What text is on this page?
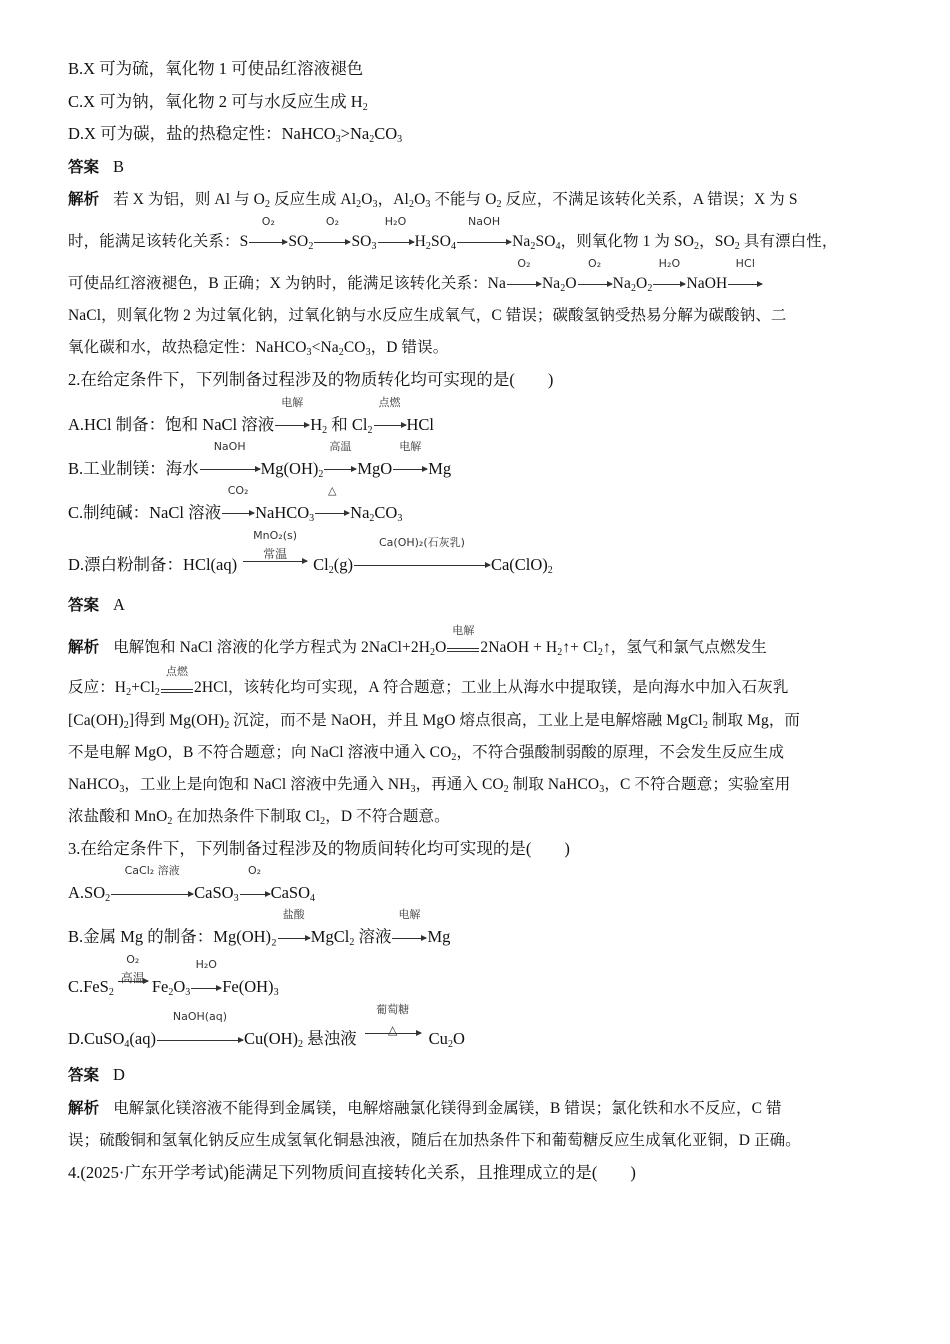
B.X 可为硫，氧化物 1 可使品红溶液褪色
C.X 可为钠，氧化物 2 可与水反应生成 $H_2$
D.X 可为碳，盐的热稳定性：$NaHCO_3>Na_2CO_3$
答案 B
解析 若 X 为铝，则 Al 与 $O_2$ 反应生成 $Al_2O_3$，$Al_2O_3$ 不能与 $O_2$ 反应，不满足该转化关系，A 错误；X 为 S
时，能满足该转化关系：S
O₂
$SO_2$
O₂
$SO_3$
H₂O
$H_2SO_4$
NaOH
$Na_2SO_4$，则氧化物 1 为 $SO_2$，$SO_2$ 具有漂白性，
可使品红溶液褪色，B 正确；X 为钠时，能满足该转化关系：Na
O₂
$Na_2O$
O₂
$Na_2O_2$
H₂O
NaOH
HCl
NaCl，则氧化物 2 为过氧化钠，过氧化钠与水反应生成氧气，C 错误；碳酸氢钠受热易分解为碳酸钠、二
氧化碳和水，故热稳定性：$NaHCO_3<Na_2CO_3$，D 错误。
2.在给定条件下，下列制备过程涉及的物质转化均可实现的是(　　)
A.HCl 制备：饱和 NaCl 溶液
电解
$H_2$ 和 $Cl_2$
点燃
HCl
B.工业制镁：海水
NaOH
$Mg(OH)_2$
高温
MgO
电解
Mg
C.制纯碱：NaCl 溶液
CO₂
NaHCO$_3$
△
$Na_2CO_3$
D.漂白粉制备：HCl(aq)
MnO₂(s)
常温
$Cl_2(g)$
Ca(OH)₂(石灰乳)
$Ca(ClO)_2$
答案 A
解析 电解饱和 NaCl 溶液的化学方程式为 $2NaCl+2H_2O$
电解
2NaOH + $H_2↑+$ $Cl_2↑$，氢气和氯气点燃发生
反应：$H_2+Cl_2$
点燃
2HCl，该转化均可实现，A 符合题意；工业上从海水中提取镁，是向海水中加入石灰乳
$[Ca(OH)_2]$得到 $Mg(OH)_2$ 沉淀，而不是 NaOH，并且 MgO 熔点很高，工业上是电解熔融 MgCl$_2$ 制取 Mg，而
不是电解 MgO，B 不符合题意；向 NaCl 溶液中通入 $CO_2$，不符合强酸制弱酸的原理，不会发生反应生成
NaHCO$_3$，工业上是向饱和 NaCl 溶液中先通入 $NH_3$，再通入 $CO_2$ 制取 NaHCO$_3$，C 不符合题意；实验室用
浓盐酸和 MnO$_2$ 在加热条件下制取 $Cl_2$，D 不符合题意。
3.在给定条件下，下列制备过程涉及的物质间转化均可实现的是(　　)
$A.SO_2$
CaCl₂ 溶液
CaSO$_3$
O₂
CaSO$_4$
B.金属 Mg 的制备：Mg(OH)₂
盐酸
MgCl$_2$ 溶液
电解
Mg
C.FeS$_2$
O₂
高温 $Fe_2O_3$
H₂O
$Fe(OH)_3$
D.CuSO$_4$(aq)
NaOH(aq)
$Cu(OH)_2$ 悬浊液
葡萄糖
△	$Cu_2O$
答案 D
解析 电解氯化镁溶液不能得到金属镁，电解熔融氯化镁得到金属镁，B 错误；氯化铁和水不反应，C 错
误；硫酸铜和氢氧化钠反应生成氢氧化铜悬浊液，随后在加热条件下和葡萄糖反应生成氧化亚铜，D 正确。
4.(2025·广东开学考试)能满足下列物质间直接转化关系，且推理成立的是(　　)
